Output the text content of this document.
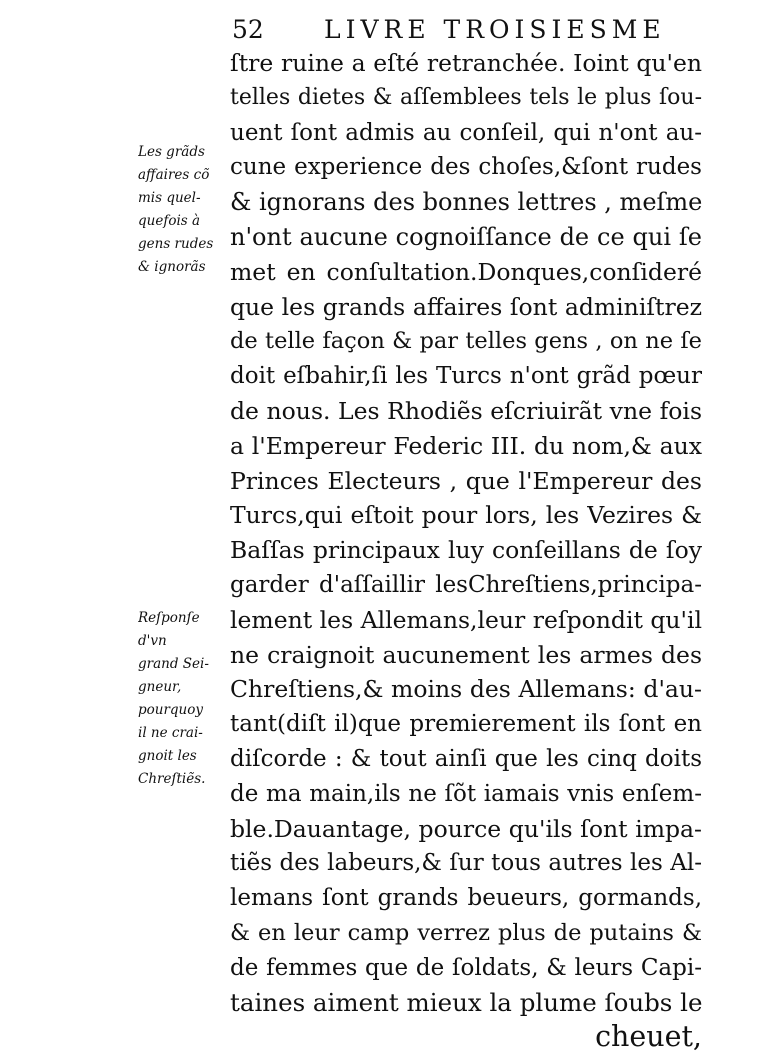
52 LIVRE TROISIESME
Les grãds
affaires cõ
mis quel-
quefois à
gens rudes
& ignorãs
Reſponſe
d'vn
grand Sei-
gneur,
pourquoy
il ne crai-
gnoit les
Chreſtiẽs.
ſtre ruine a eſté retranchée. Ioint qu'en
telles dietes & aſſemblees tels le plus ſou-
uent ſont admis au conſeil, qui n'ont au-
cune experience des choſes,&ſont rudes
& ignorans des bonnes lettres , meſme
n'ont aucune cognoiſſance de ce qui ſe
met en conſultation.Donques,conſideré
que les grands affaires ſont adminiſtrez
de telle façon & par telles gens , on ne ſe
doit eſbahir,ſi les Turcs n'ont grãd pœur
de nous. Les Rhodiẽs eſcriuirãt vne fois
a l'Empereur Federic III. du nom,& aux
Princes Electeurs , que l'Empereur des
Turcs,qui eſtoit pour lors, les Vezires &
Baſſas principaux luy conſeillans de ſoy
garder d'aſſaillir lesChreſtiens,principa-
lement les Allemans,leur reſpondit qu'il
ne craignoit aucunement les armes des
Chreſtiens,& moins des Allemans: d'au-
tant(diſt il)que premierement ils ſont en
diſcorde : & tout ainſi que les cinq doits
de ma main,ils ne ſõt iamais vnis enſem-
ble.Dauantage, pource qu'ils ſont impa-
tiẽs des labeurs,& ſur tous autres les Al-
lemans ſont grands beueurs, gormands,
& en leur camp verrez plus de putains &
de femmes que de ſoldats, & leurs Capi-
taines aiment mieux la plume ſoubs le
cheuet,
